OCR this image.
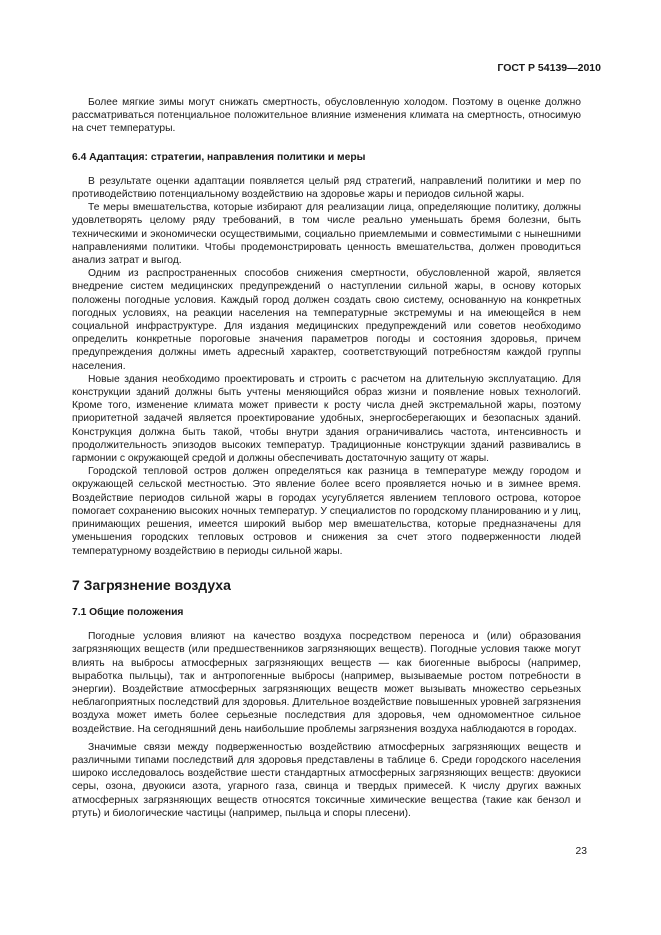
ГОСТ Р 54139—2010

Более мягкие зимы могут снижать смертность, обусловленную холодом. Поэтому в оценке должно рассматриваться потенциальное положительное влияние изменения климата на смертность, относимую на счет температуры.

6.4 Адаптация: стратегии, направления политики и меры

В результате оценки адаптации появляется целый ряд стратегий, направлений политики и мер по противодействию потенциальному воздействию на здоровье жары и периодов сильной жары.

Те меры вмешательства, которые избирают для реализации лица, определяющие политику, должны удовлетворять целому ряду требований, в том числе реально уменьшать бремя болезни, быть техническими и экономически осуществимыми, социально приемлемыми и совместимыми с нынешними направлениями политики. Чтобы продемонстрировать ценность вмешательства, должен проводиться анализ затрат и выгод.

Одним из распространенных способов снижения смертности, обусловленной жарой, является внедрение систем медицинских предупреждений о наступлении сильной жары, в основу которых положены погодные условия. Каждый город должен создать свою систему, основанную на конкретных погодных условиях, на реакции населения на температурные экстремумы и на имеющейся в нем социальной инфраструктуре. Для издания медицинских предупреждений или советов необходимо определить конкретные пороговые значения параметров погоды и состояния здоровья, причем предупреждения должны иметь адресный характер, соответствующий потребностям каждой группы населения.

Новые здания необходимо проектировать и строить с расчетом на длительную эксплуатацию. Для конструкции зданий должны быть учтены меняющийся образ жизни и появление новых технологий. Кроме того, изменение климата может привести к росту числа дней экстремальной жары, поэтому приоритетной задачей является проектирование удобных, энергосберегающих и безопасных зданий. Конструкция должна быть такой, чтобы внутри здания ограничивались частота, интенсивность и продолжительность эпизодов высоких температур. Традиционные конструкции зданий развивались в гармонии с окружающей средой и должны обеспечивать достаточную защиту от жары.

Городской тепловой остров должен определяться как разница в температуре между городом и окружающей сельской местностью. Это явление более всего проявляется ночью и в зимнее время. Воздействие периодов сильной жары в городах усугубляется явлением теплового острова, которое помогает сохранению высоких ночных температур. У специалистов по городскому планированию и у лиц, принимающих решения, имеется широкий выбор мер вмешательства, которые предназначены для уменьшения городских тепловых островов и снижения за счет этого подверженности людей температурному воздействию в периоды сильной жары.

7 Загрязнение воздуха
7.1 Общие положения

Погодные условия влияют на качество воздуха посредством переноса и (или) образования загрязняющих веществ (или предшественников загрязняющих веществ). Погодные условия также могут влиять на выбросы атмосферных загрязняющих веществ — как биогенные выбросы (например, выработка пыльцы), так и антропогенные выбросы (например, вызываемые ростом потребности в энергии). Воздействие атмосферных загрязняющих веществ может вызывать множество серьезных неблагоприятных последствий для здоровья. Длительное воздействие повышенных уровней загрязнения воздуха может иметь более серьезные последствия для здоровья, чем одномоментное сильное воздействие. На сегодняшний день наибольшие проблемы загрязнения воздуха наблюдаются в городах.

Значимые связи между подверженностью воздействию атмосферных загрязняющих веществ и различными типами последствий для здоровья представлены в таблице 6. Среди городского населения широко исследовалось воздействие шести стандартных атмосферных загрязняющих веществ: двуокиси серы, озона, двуокиси азота, угарного газа, свинца и твердых примесей. К числу других важных атмосферных загрязняющих веществ относятся токсичные химические вещества (такие как бензол и ртуть) и биологические частицы (например, пыльца и споры плесени).

23
